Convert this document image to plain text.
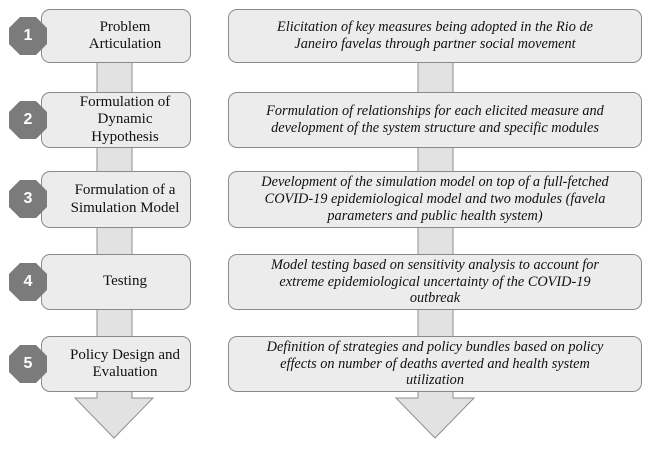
Problem
Articulation
Elicitation of key measures being adopted in the Rio de
Janeiro favelas through partner social movement
1
Formulation of
Dynamic
Hypothesis
Formulation of relationships for each elicited measure and
development of the system structure and specific modules
2
Formulation of a
Simulation Model
Development of the simulation model on top of a full-fetched
COVID-19 epidemiological model and two modules (favela
parameters and public health system)
3
Testing
Model testing based on sensitivity analysis to account for
extreme epidemiological uncertainty of the COVID-19
outbreak
4
Policy Design and
Evaluation
Definition of strategies and policy bundles based on policy
effects on number of deaths averted and health system
utilization
5
